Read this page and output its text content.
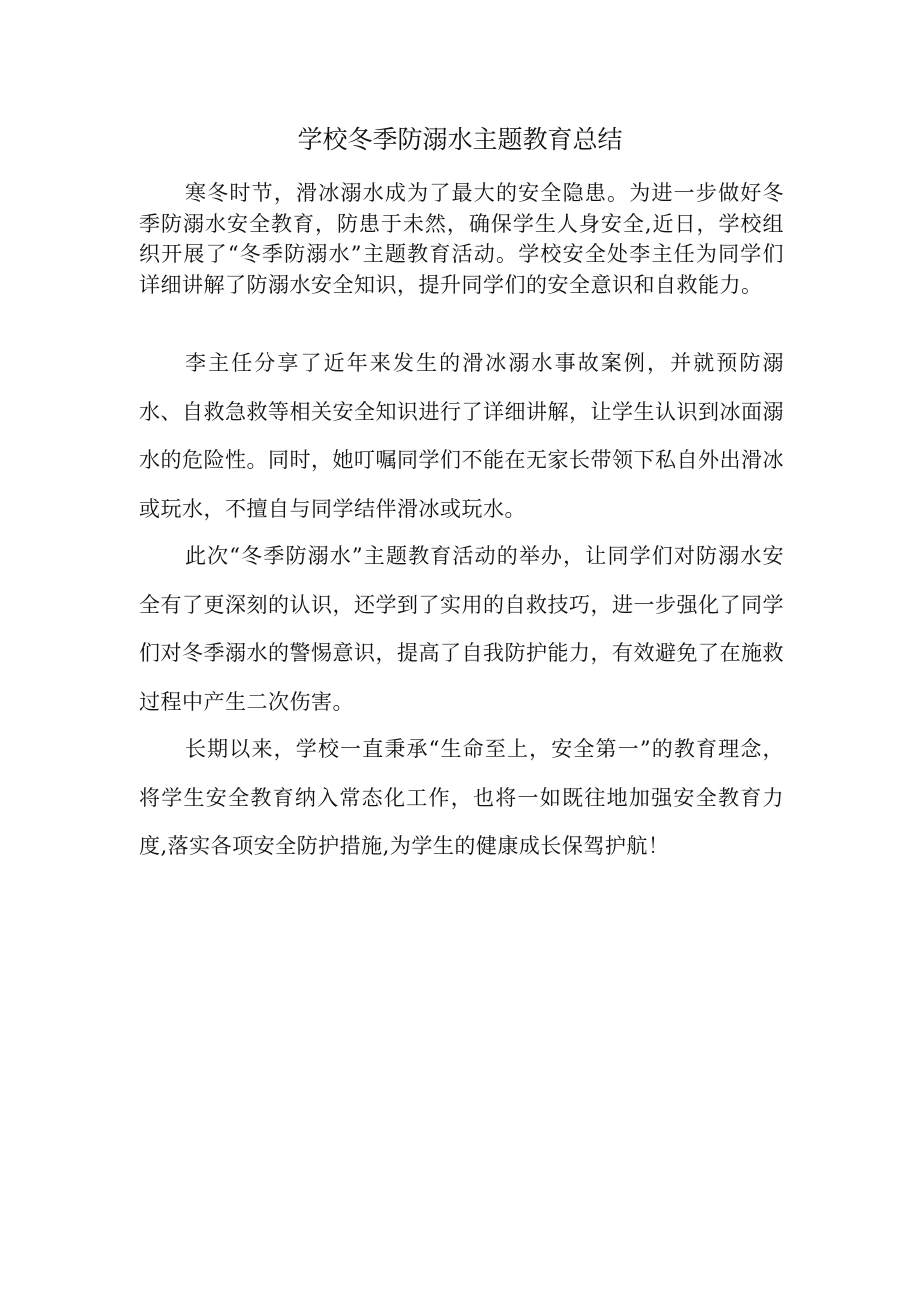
学校冬季防溺水主题教育总结

寒冬时节，滑冰溺水成为了最大的安全隐患。为进一步做好冬季防溺水安全教育，防患于未然，确保学生人身安全,近日，学校组织开展了“冬季防溺水”主题教育活动。学校安全处李主任为同学们详细讲解了防溺水安全知识，提升同学们的安全意识和自救能力。

李主任分享了近年来发生的滑冰溺水事故案例，并就预防溺水、自救急救等相关安全知识进行了详细讲解，让学生认识到冰面溺水的危险性。同时，她叮嘱同学们不能在无家长带领下私自外出滑冰或玩水，不擅自与同学结伴滑冰或玩水。

此次“冬季防溺水”主题教育活动的举办，让同学们对防溺水安全有了更深刻的认识，还学到了实用的自救技巧，进一步强化了同学们对冬季溺水的警惕意识，提高了自我防护能力，有效避免了在施救过程中产生二次伤害。

长期以来，学校一直秉承“生命至上，安全第一”的教育理念，将学生安全教育纳入常态化工作，也将一如既往地加强安全教育力度,落实各项安全防护措施,为学生的健康成长保驾护航！
